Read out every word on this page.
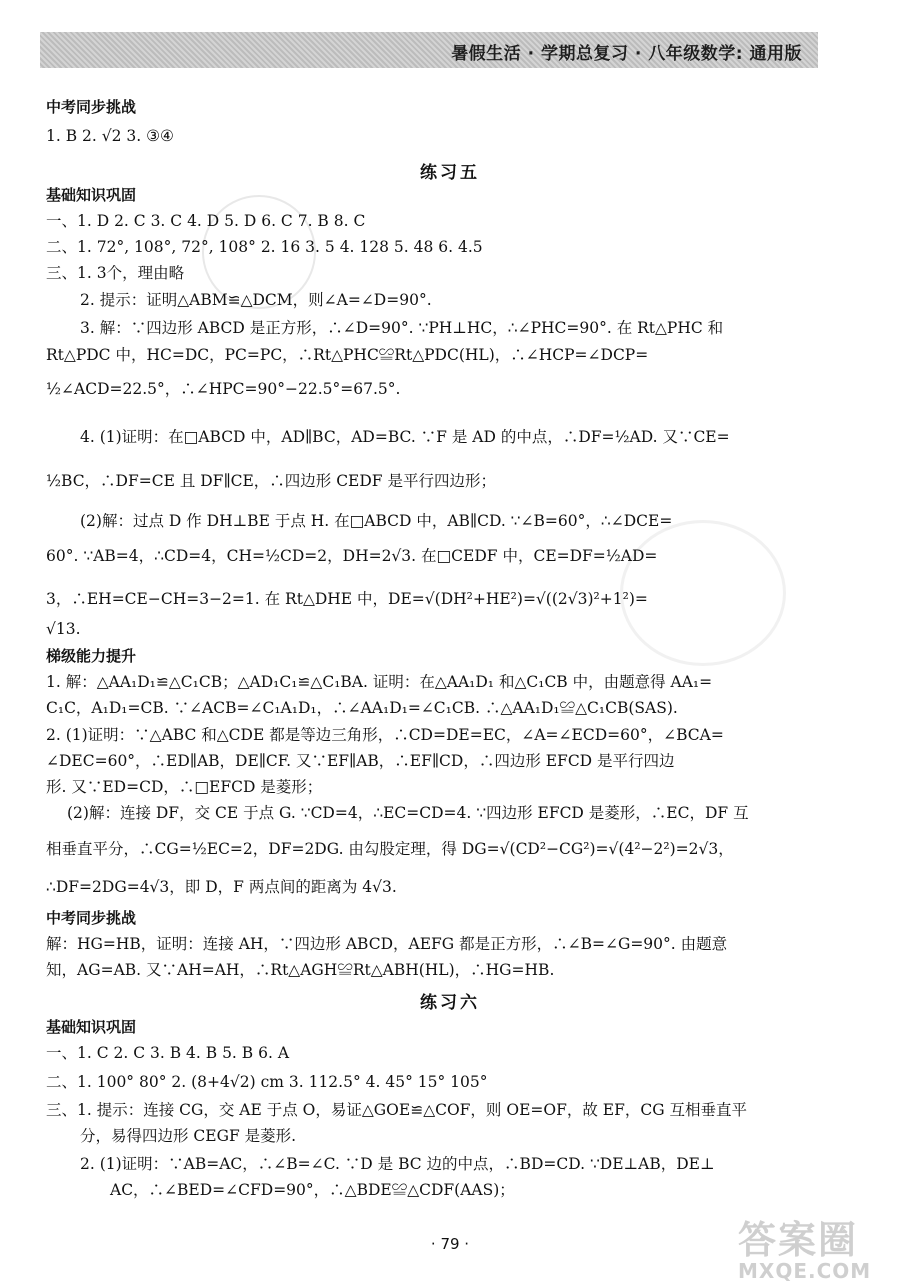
暑假生活 · 学期总复习 · 八年级数学: 通用版
中考同步挑战
1. B 2. √2 3. ③④
练习五
基础知识巩固
一、1. D 2. C 3. C 4. D 5. D 6. C 7. B 8. C
二、1. 72°, 108°, 72°, 108° 2. 16 3. 5 4. 128 5. 48 6. 4.5
三、1. 3个，理由略
2. 提示：证明△ABM≌△DCM，则∠A=∠D=90°.
3. 解：∵四边形 ABCD 是正方形，∴∠D=90°. ∵PH⊥HC，∴∠PHC=90°. 在 Rt△PHC 和
Rt△PDC 中，HC=DC，PC=PC，∴Rt△PHC≌Rt△PDC(HL)，∴∠HCP=∠DCP=
½∠ACD=22.5°，∴∠HPC=90°−22.5°=67.5°.
4. (1)证明：在□ABCD 中，AD∥BC，AD=BC. ∵F 是 AD 的中点，∴DF=½AD. 又∵CE=
½BC，∴DF=CE 且 DF∥CE，∴四边形 CEDF 是平行四边形；
(2)解：过点 D 作 DH⊥BE 于点 H. 在□ABCD 中，AB∥CD. ∵∠B=60°，∴∠DCE=
60°. ∵AB=4，∴CD=4，CH=½CD=2，DH=2√3. 在□CEDF 中，CE=DF=½AD=
3，∴EH=CE−CH=3−2=1. 在 Rt△DHE 中，DE=√(DH²+HE²)=√((2√3)²+1²)=
√13.
梯级能力提升
1. 解：△AA₁D₁≌△C₁CB；△AD₁C₁≌△C₁BA. 证明：在△AA₁D₁ 和△C₁CB 中，由题意得 AA₁=
C₁C，A₁D₁=CB. ∵∠ACB=∠C₁A₁D₁，∴∠AA₁D₁=∠C₁CB. ∴△AA₁D₁≌△C₁CB(SAS).
2. (1)证明：∵△ABC 和△CDE 都是等边三角形，∴CD=DE=EC，∠A=∠ECD=60°，∠BCA=
∠DEC=60°，∴ED∥AB，DE∥CF. 又∵EF∥AB，∴EF∥CD，∴四边形 EFCD 是平行四边
形. 又∵ED=CD，∴□EFCD 是菱形；
(2)解：连接 DF，交 CE 于点 G. ∵CD=4，∴EC=CD=4. ∵四边形 EFCD 是菱形，∴EC，DF 互
相垂直平分，∴CG=½EC=2，DF=2DG. 由勾股定理，得 DG=√(CD²−CG²)=√(4²−2²)=2√3，
∴DF=2DG=4√3，即 D，F 两点间的距离为 4√3.
中考同步挑战
解：HG=HB，证明：连接 AH，∵四边形 ABCD，AEFG 都是正方形，∴∠B=∠G=90°. 由题意
知，AG=AB. 又∵AH=AH，∴Rt△AGH≌Rt△ABH(HL)，∴HG=HB.
练习六
基础知识巩固
一、1. C 2. C 3. B 4. B 5. B 6. A
二、1. 100° 80° 2. (8+4√2) cm 3. 112.5° 4. 45° 15° 105°
三、1. 提示：连接 CG，交 AE 于点 O，易证△GOE≌△COF，则 OE=OF，故 EF，CG 互相垂直平
分，易得四边形 CEGF 是菱形.
2. (1)证明：∵AB=AC，∴∠B=∠C. ∵D 是 BC 边的中点，∴BD=CD. ∵DE⊥AB，DE⊥
AC，∴∠BED=∠CFD=90°，∴△BDE≌△CDF(AAS)；
· 79 ·	答案圈
MXQE.COM
